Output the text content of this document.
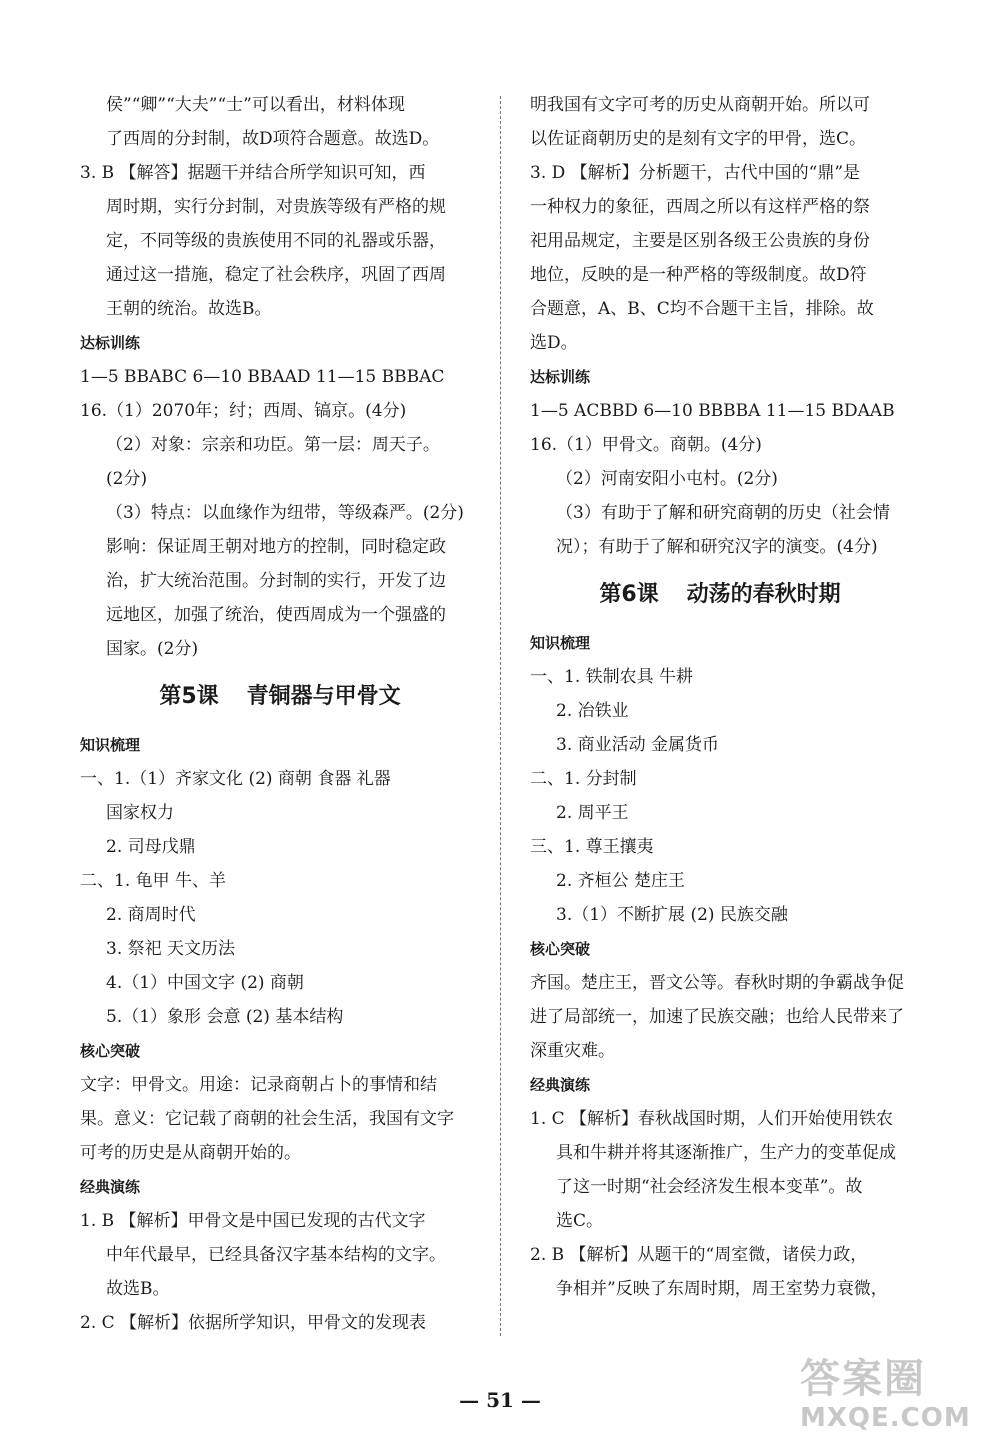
侯”“卿”“大夫”“士”可以看出，材料体现
了西周的分封制，故D项符合题意。故选D。
3. B 【解答】据题干并结合所学知识可知，西
周时期，实行分封制，对贵族等级有严格的规
定，不同等级的贵族使用不同的礼器或乐器，
通过这一措施，稳定了社会秩序，巩固了西周
王朝的统治。故选B。
达标训练
1—5 BBABC 6—10 BBAAD 11—15 BBBAC
16.（1）2070年；纣；西周、镐京。(4分)
（2）对象：宗亲和功臣。第一层：周天子。
(2分)
（3）特点：以血缘作为纽带，等级森严。(2分)
影响：保证周王朝对地方的控制，同时稳定政
治，扩大统治范围。分封制的实行，开发了边
远地区，加强了统治，使西周成为一个强盛的
国家。(2分)
第5课 青铜器与甲骨文
知识梳理
一、1.（1）齐家文化 (2) 商朝 食器 礼器
国家权力
2. 司母戊鼎
二、1. 龟甲 牛、羊
2. 商周时代
3. 祭祀 天文历法
4.（1）中国文字 (2) 商朝
5.（1）象形 会意 (2) 基本结构
核心突破
文字：甲骨文。用途：记录商朝占卜的事情和结
果。意义：它记载了商朝的社会生活，我国有文字
可考的历史是从商朝开始的。
经典演练
1. B 【解析】甲骨文是中国已发现的古代文字
中年代最早，已经具备汉字基本结构的文字。
故选B。
2. C 【解析】依据所学知识，甲骨文的发现表
明我国有文字可考的历史从商朝开始。所以可
以佐证商朝历史的是刻有文字的甲骨，选C。
3. D 【解析】分析题干，古代中国的“鼎”是
一种权力的象征，西周之所以有这样严格的祭
祀用品规定，主要是区别各级王公贵族的身份
地位，反映的是一种严格的等级制度。故D符
合题意，A、B、C均不合题干主旨，排除。故
选D。
达标训练
1—5 ACBBD 6—10 BBBBA 11—15 BDAAB
16.（1）甲骨文。商朝。(4分)
（2）河南安阳小屯村。(2分)
（3）有助于了解和研究商朝的历史（社会情
况）；有助于了解和研究汉字的演变。(4分)
第6课 动荡的春秋时期
知识梳理
一、1. 铁制农具 牛耕
2. 冶铁业
3. 商业活动 金属货币
二、1. 分封制
2. 周平王
三、1. 尊王攘夷
2. 齐桓公 楚庄王
3.（1）不断扩展 (2) 民族交融
核心突破
齐国。楚庄王，晋文公等。春秋时期的争霸战争促
进了局部统一，加速了民族交融；也给人民带来了
深重灾难。
经典演练
1. C 【解析】春秋战国时期，人们开始使用铁农
具和牛耕并将其逐渐推广，生产力的变革促成
了这一时期“社会经济发生根本变革”。故
选C。
2. B 【解析】从题干的“周室微，诸侯力政，
争相并”反映了东周时期，周王室势力衰微，
— 51 —	答案圈
MXQE.COM
